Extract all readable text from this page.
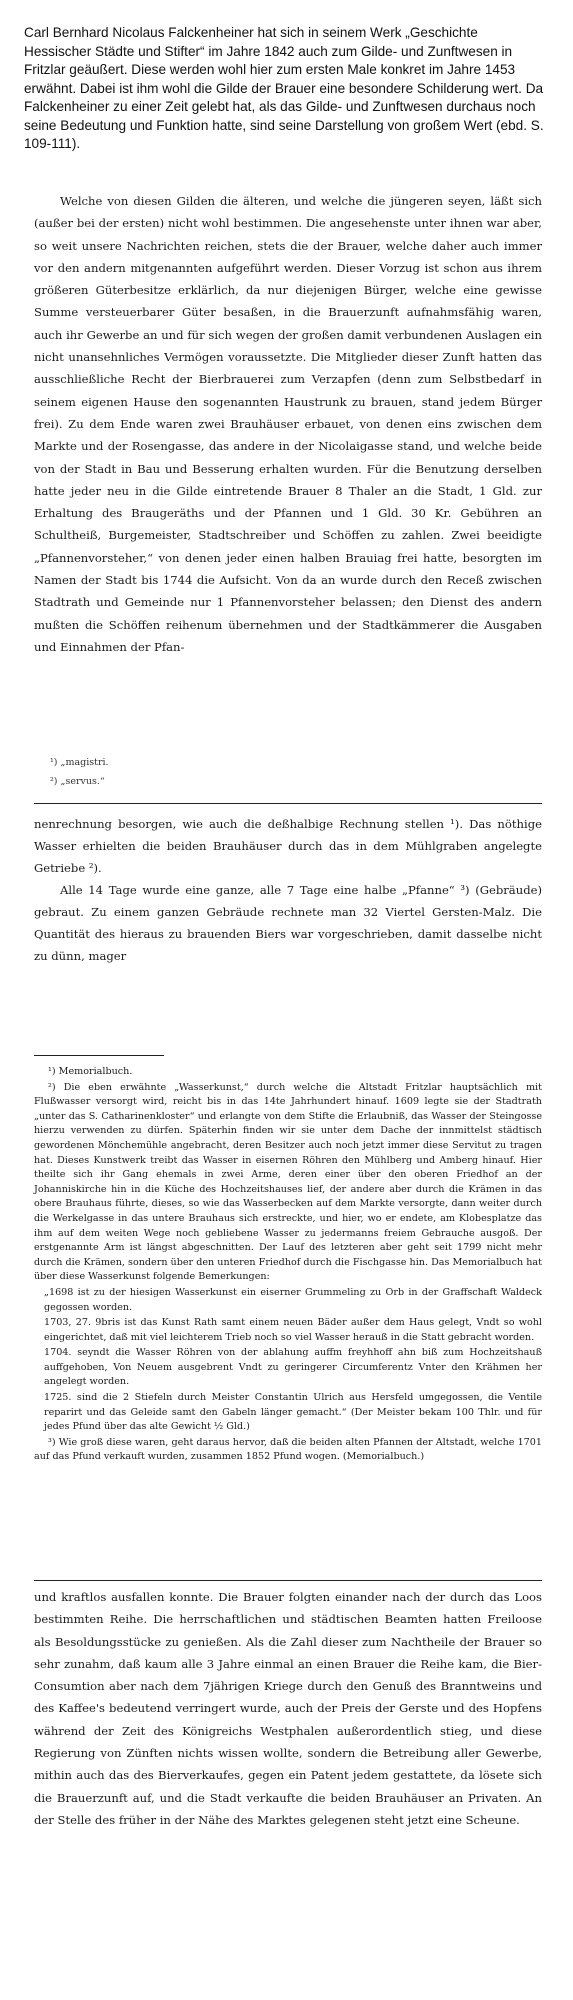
Carl Bernhard Nicolaus Falckenheiner hat sich in seinem Werk „Geschichte Hessischer Städte und Stifter“ im Jahre 1842 auch zum Gilde- und Zunftwesen in Fritzlar geäußert. Diese werden wohl hier zum ersten Male konkret im Jahre 1453 erwähnt. Dabei ist ihm wohl die Gilde der Brauer eine besondere Schilderung wert. Da Falckenheiner zu einer Zeit gelebt hat, als das Gilde- und Zunftwesen durchaus noch seine Bedeutung und Funktion hatte, sind seine Darstellung von großem Wert (ebd. S. 109-111).

Welche von diesen Gilden die älteren, und welche die jüngeren seyen, läßt sich (außer bei der ersten) nicht wohl bestimmen. Die angesehenste unter ihnen war aber, so weit unsere Nachrichten reichen, stets die der Brauer, welche daher auch immer vor den andern mitgenannten aufgeführt werden. Dieser Vorzug ist schon aus ihrem größeren Güterbesitze erklärlich, da nur diejenigen Bürger, welche eine gewisse Summe versteuerbarer Güter besaßen, in die Brauerzunft aufnahmsfähig waren, auch ihr Gewerbe an und für sich wegen der großen damit verbundenen Auslagen ein nicht unansehnliches Vermögen voraussetzte. Die Mitglieder dieser Zunft hatten das ausschließliche Recht der Bierbrauerei zum Verzapfen (denn zum Selbstbedarf in seinem eigenen Hause den sogenannten Haustrunk zu brauen, stand jedem Bürger frei). Zu dem Ende waren zwei Brauhäuser erbauet, von denen eins zwischen dem Markte und der Rosengasse, das andere in der Nicolaigasse stand, und welche beide von der Stadt in Bau und Besserung erhalten wurden. Für die Benutzung derselben hatte jeder neu in die Gilde eintretende Brauer 8 Thaler an die Stadt, 1 Gld. zur Erhaltung des Braugeräths und der Pfannen und 1 Gld. 30 Kr. Gebühren an Schultheiß, Burgemeister, Stadtschreiber und Schöffen zu zahlen. Zwei beeidigte „Pfannenvorsteher,“ von denen jeder einen halben Brauiag frei hatte, besorgten im Namen der Stadt bis 1744 die Aufsicht. Von da an wurde durch den Receß zwischen Stadtrath und Gemeinde nur 1 Pfannenvorsteher belassen; den Dienst des andern mußten die Schöffen reihenum übernehmen und der Stadtkämmerer die Ausgaben und Einnahmen der Pfan-

¹) „magistri.
²) „servus.“

nenrechnung besorgen, wie auch die deßhalbige Rechnung stellen ¹). Das nöthige Wasser erhielten die beiden Brauhäuser durch das in dem Mühlgraben angelegte Getriebe ²).

Alle 14 Tage wurde eine ganze, alle 7 Tage eine halbe „Pfanne“ ³) (Gebräude) gebraut. Zu einem ganzen Gebräude rechnete man 32 Viertel Gersten-Malz. Die Quantität des hieraus zu brauenden Biers war vorgeschrieben, damit dasselbe nicht zu dünn, mager

¹) Memorialbuch.

²) Die eben erwähnte „Wasserkunst,“ durch welche die Altstadt Fritzlar hauptsächlich mit Flußwasser versorgt wird, reicht bis in das 14te Jahrhundert hinauf. 1609 legte sie der Stadtrath „unter das S. Catharinenkloster“ und erlangte von dem Stifte die Erlaubniß, das Wasser der Steingosse hierzu verwenden zu dürfen. Späterhin finden wir sie unter dem Dache der innmittelst städtisch gewordenen Mönchemühle angebracht, deren Besitzer auch noch jetzt immer diese Servitut zu tragen hat. Dieses Kunstwerk treibt das Wasser in eisernen Röhren den Mühlberg und Amberg hinauf. Hier theilte sich ihr Gang ehemals in zwei Arme, deren einer über den oberen Friedhof an der Johanniskirche hin in die Küche des Hochzeitshauses lief, der andere aber durch die Krämen in das obere Brauhaus führte, dieses, so wie das Wasserbecken auf dem Markte versorgte, dann weiter durch die Werkelgasse in das untere Brauhaus sich erstreckte, und hier, wo er endete, am Klobesplatze das ihm auf dem weiten Wege noch gebliebene Wasser zu jedermanns freiem Gebrauche ausgoß. Der erstgenannte Arm ist längst abgeschnitten. Der Lauf des letzteren aber geht seit 1799 nicht mehr durch die Krämen, sondern über den unteren Friedhof durch die Fischgasse hin. Das Memorialbuch hat über diese Wasserkunst folgende Bemerkungen:

„1698 ist zu der hiesigen Wasserkunst ein eiserner Grummeling zu Orb in der Graffschaft Waldeck gegossen worden.

1703, 27. 9bris ist das Kunst Rath samt einem neuen Bäder außer dem Haus gelegt, Vndt so wohl eingerichtet, daß mit viel leichterem Trieb noch so viel Wasser herauß in die Statt gebracht worden.

1704. seyndt die Wasser Röhren von der ablahung auffm freyhhoff ahn biß zum Hochzeitshauß auffgehoben, Von Neuem ausgebrent Vndt zu geringerer Circumferentz Vnter den Krähmen her angelegt worden.

1725. sind die 2 Stiefeln durch Meister Constantin Ulrich aus Hersfeld umgegossen, die Ventile reparirt und das Geleide samt den Gabeln länger gemacht.“ (Der Meister bekam 100 Thlr. und für jedes Pfund über das alte Gewicht ½ Gld.)

³) Wie groß diese waren, geht daraus hervor, daß die beiden alten Pfannen der Altstadt, welche 1701 auf das Pfund verkauft wurden, zusammen 1852 Pfund wogen. (Memorialbuch.)

und kraftlos ausfallen konnte. Die Brauer folgten einander nach der durch das Loos bestimmten Reihe. Die herrschaftlichen und städtischen Beamten hatten Freiloose als Besoldungsstücke zu genießen. Als die Zahl dieser zum Nachtheile der Brauer so sehr zunahm, daß kaum alle 3 Jahre einmal an einen Brauer die Reihe kam, die Bier-Consumtion aber nach dem 7jährigen Kriege durch den Genuß des Branntweins und des Kaffee's bedeutend verringert wurde, auch der Preis der Gerste und des Hopfens während der Zeit des Königreichs Westphalen außerordentlich stieg, und diese Regierung von Zünften nichts wissen wollte, sondern die Betreibung aller Gewerbe, mithin auch das des Bierverkaufes, gegen ein Patent jedem gestattete, da lösete sich die Brauerzunft auf, und die Stadt verkaufte die beiden Brauhäuser an Privaten. An der Stelle des früher in der Nähe des Marktes gelegenen steht jetzt eine Scheune.
